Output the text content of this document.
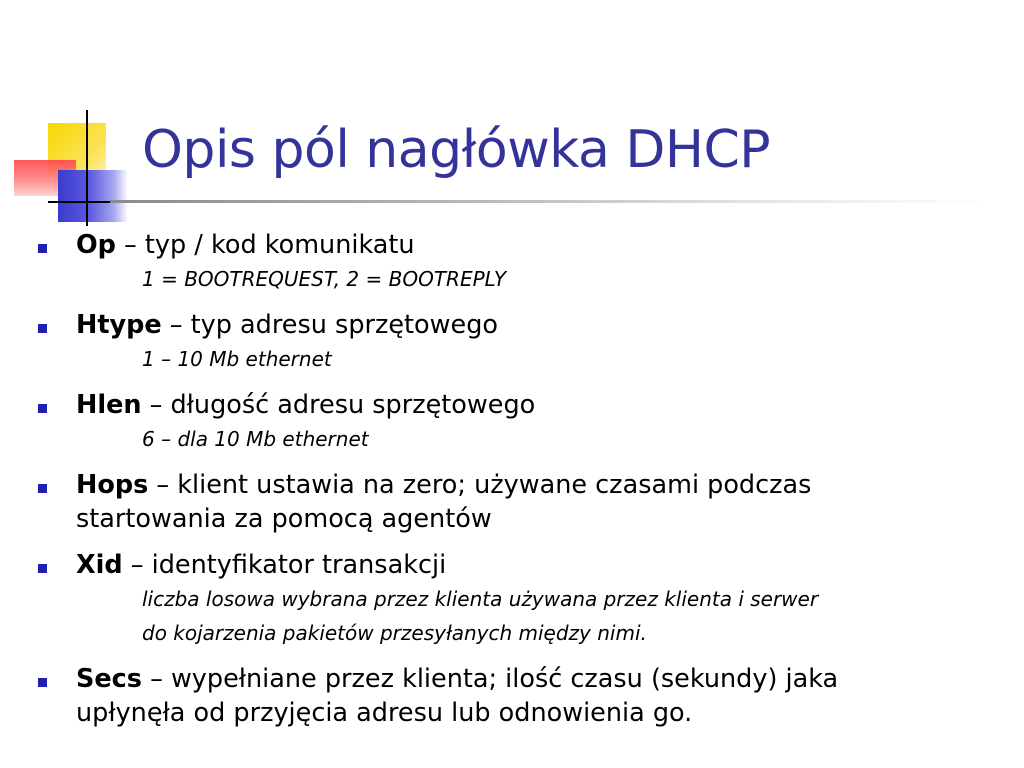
Opis pól nagłówka DHCP
Op – typ / kod komunikatu
1 = BOOTREQUEST, 2 = BOOTREPLY
Htype – typ adresu sprzętowego
1 – 10 Mb ethernet
Hlen – długość adresu sprzętowego
6 – dla 10 Mb ethernet
Hops – klient ustawia na zero; używane czasami podczas
startowania za pomocą agentów
Xid – identyfikator transakcji
liczba losowa wybrana przez klienta używana przez klienta i serwer
do kojarzenia pakietów przesyłanych między nimi.
Secs – wypełniane przez klienta; ilość czasu (sekundy) jaka
upłynęła od przyjęcia adresu lub odnowienia go.
